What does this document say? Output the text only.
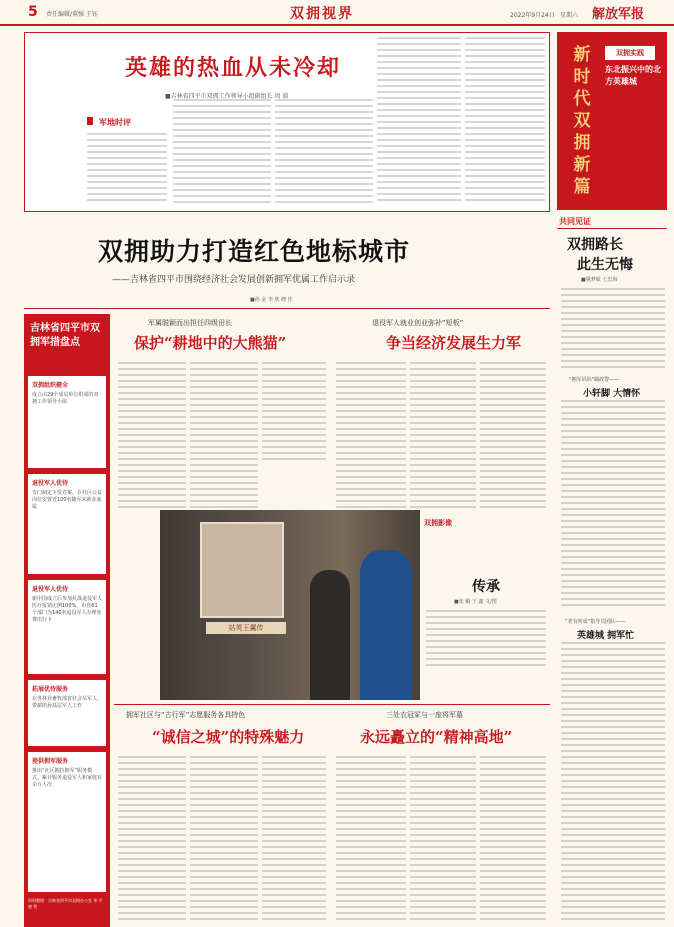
5 责任编辑/董强 王钰	双拥视界	2022年9月24日 星期六 解放军报
英雄的热血从未冷却
■吉林省四平市双拥工作领导小组副组长 周 毅
军地时评
新
时
代
双
拥
新
篇
双拥实践
东北振兴中的北方英雄城
共同见证
双拥路长
此生无悔
■冀梦敏 王忠海
“拥军妈妈”邮政警——
小轩脚 大情怀
“老有所成”指导员团队——
英雄城 拥军忙
双拥助力打造红色地标城市
——吉林省四平市围绕经济社会发展创新拥军优属工作启示录
■孙 金 李 欣 晓 佳
吉林省四平市双拥军措盘点
双拥组织健全
成立由29个成员单位组成的双拥工作领导小组
退役军人优待
专门制定下发方案，在社区公益岗位安置近100名随军未就业家属
退役军人优待
新中国成立后参加抗战退役军人医疗报销比例100%，市直61个部门为140名退役军人办理免费出行卡
拓展优待服务
在各林业畜牧部省驻会员军人，带薪陪孙基层军人工作
提供拥军服务
推出“社区拥拉拥军”服务模式，累计服务退役军人和家庭百余万人次
资料整理：吉林省四平市双拥办公室 华 平 晓 智
军属脱颖而出担任四级田长
保护“耕地中的大熊猫”
退役军人就业创业弥补“短板”
争当经济发展生力军
站英王翼传
双拥影像
传承
■张 鲲 王 鑫 文/图
拥军社区与“古行军”志愿服务各具特色
“诚信之城”的特殊魅力
三处衣冠冢与一座将军墓
永远矗立的“精神高地”
